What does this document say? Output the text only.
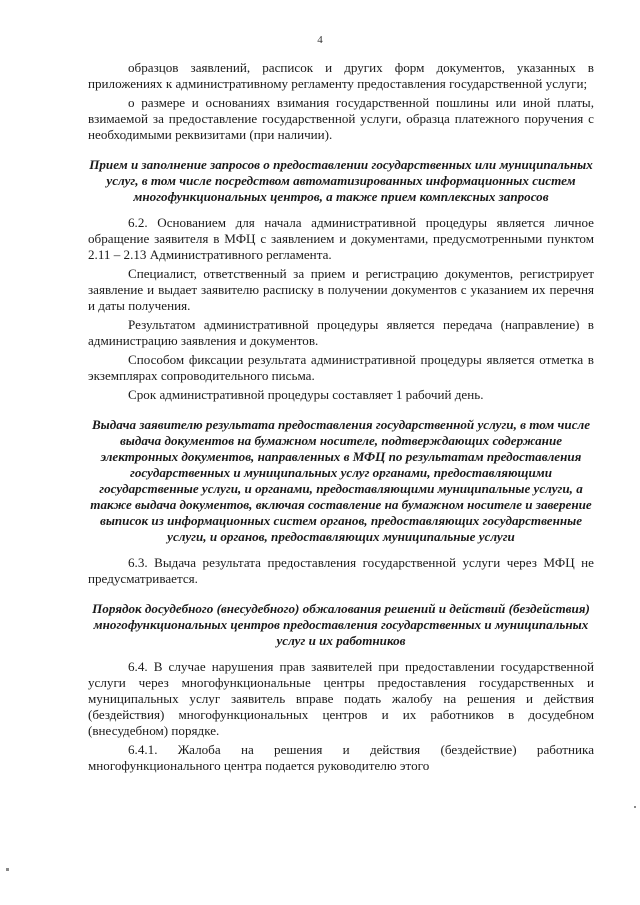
4

образцов заявлений, расписок и других форм документов, указанных в приложениях к административному регламенту предоставления государственной услуги;

о размере и основаниях взимания государственной пошлины или иной платы, взимаемой за предоставление государственной услуги, образца платежного поручения с необходимыми реквизитами (при наличии).

Прием и заполнение запросов о предоставлении государственных или муниципальных услуг, в том числе посредством автоматизированных информационных систем многофункциональных центров, а также прием комплексных запросов

6.2. Основанием для начала административной процедуры является личное обращение заявителя в МФЦ с заявлением и документами, предусмотренными пунктом 2.11 – 2.13 Административного регламента.

Специалист, ответственный за прием и регистрацию документов, регистрирует заявление и выдает заявителю расписку в получении документов с указанием их перечня и даты получения.

Результатом административной процедуры является передача (направление) в администрацию заявления и документов.

Способом фиксации результата административной процедуры является отметка в экземплярах сопроводительного письма.

Срок административной процедуры составляет 1 рабочий день.

Выдача заявителю результата предоставления государственной услуги, в том числе выдача документов на бумажном носителе, подтверждающих содержание электронных документов, направленных в МФЦ по результатам предоставления государственных и муниципальных услуг органами, предоставляющими государственные услуги, и органами, предоставляющими муниципальные услуги, а также выдача документов, включая составление на бумажном носителе и заверение выписок из информационных систем органов, предоставляющих государственные услуги, и органов, предоставляющих муниципальные услуги

6.3. Выдача результата предоставления государственной услуги через МФЦ не предусматривается.

Порядок досудебного (внесудебного) обжалования решений и действий (бездействия) многофункциональных центров предоставления государственных и муниципальных услуг и их работников

6.4. В случае нарушения прав заявителей при предоставлении государственной услуги через многофункциональные центры предоставления государственных и муниципальных услуг заявитель вправе подать жалобу на решения и действия (бездействия) многофункциональных центров и их работников в досудебном (внесудебном) порядке.

6.4.1. Жалоба на решения и действия (бездействие) работника многофункционального центра подается руководителю этого
